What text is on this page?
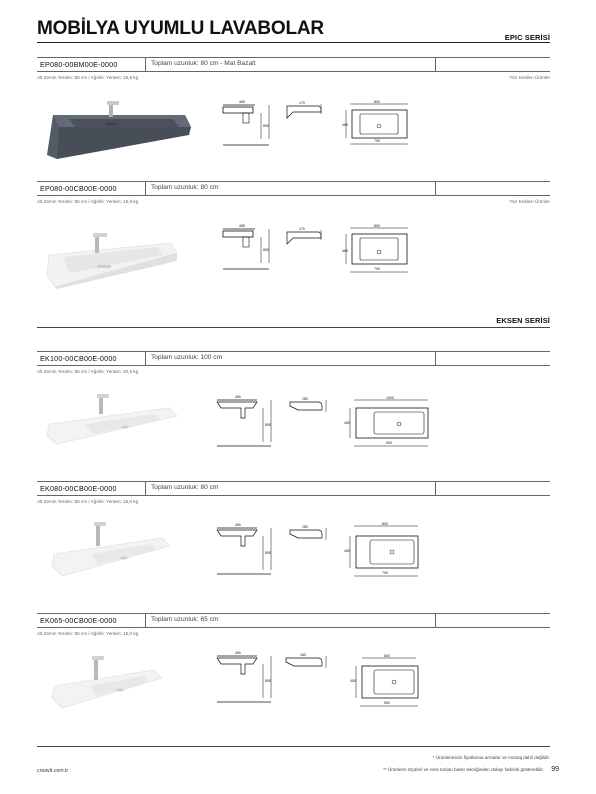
MOBİLYA UYUMLU LAVABOLAR	EPIC SERİSİ
EP080-00BM00E-0000	Toplam uzunluk: 80 cm - Mat Bazalt
Alt Zemin Yerden: 85 cm / Ağırlık: Yerden: 19,8 kg	*Siz Kesilen Ürünler
465
850
170	800
700
465
EP080-00CB00E-0000	Toplam uzunluk: 80 cm
Alt Zemin Yerden: 85 cm / Ağırlık: Yerden: 19,8 kg	*Siz Kesilen Ürünler
465
850
170
800
700
465
EKSEN SERİSİ
EK100-00CB00E-0000	Toplam uzunluk: 100 cm
Alt Zemin Yerden: 85 cm / Ağırlık: Yerden: 20,5 kg
450
850
180	1000
900
450
EK080-00CB00E-0000	Toplam uzunluk: 80 cm
Alt Zemin Yerden: 85 cm / Ağırlık: Yerden: 18,0 kg
450
850
180
800
700
450
EK065-00CB00E-0000	Toplam uzunluk: 65 cm
Alt Zemin Yerden: 85 cm / Ağırlık: Yerden: 15,0 kg
450
850
180	650
550
450
* Ürünlerimizin fiyatlarına armatür ve montaj dahil değildir.
** Ürünlerin ölçüleri ve renk tonları baskı tekniğinden dolayı farklılık gösterebilir.
creavit.com.tr	99
